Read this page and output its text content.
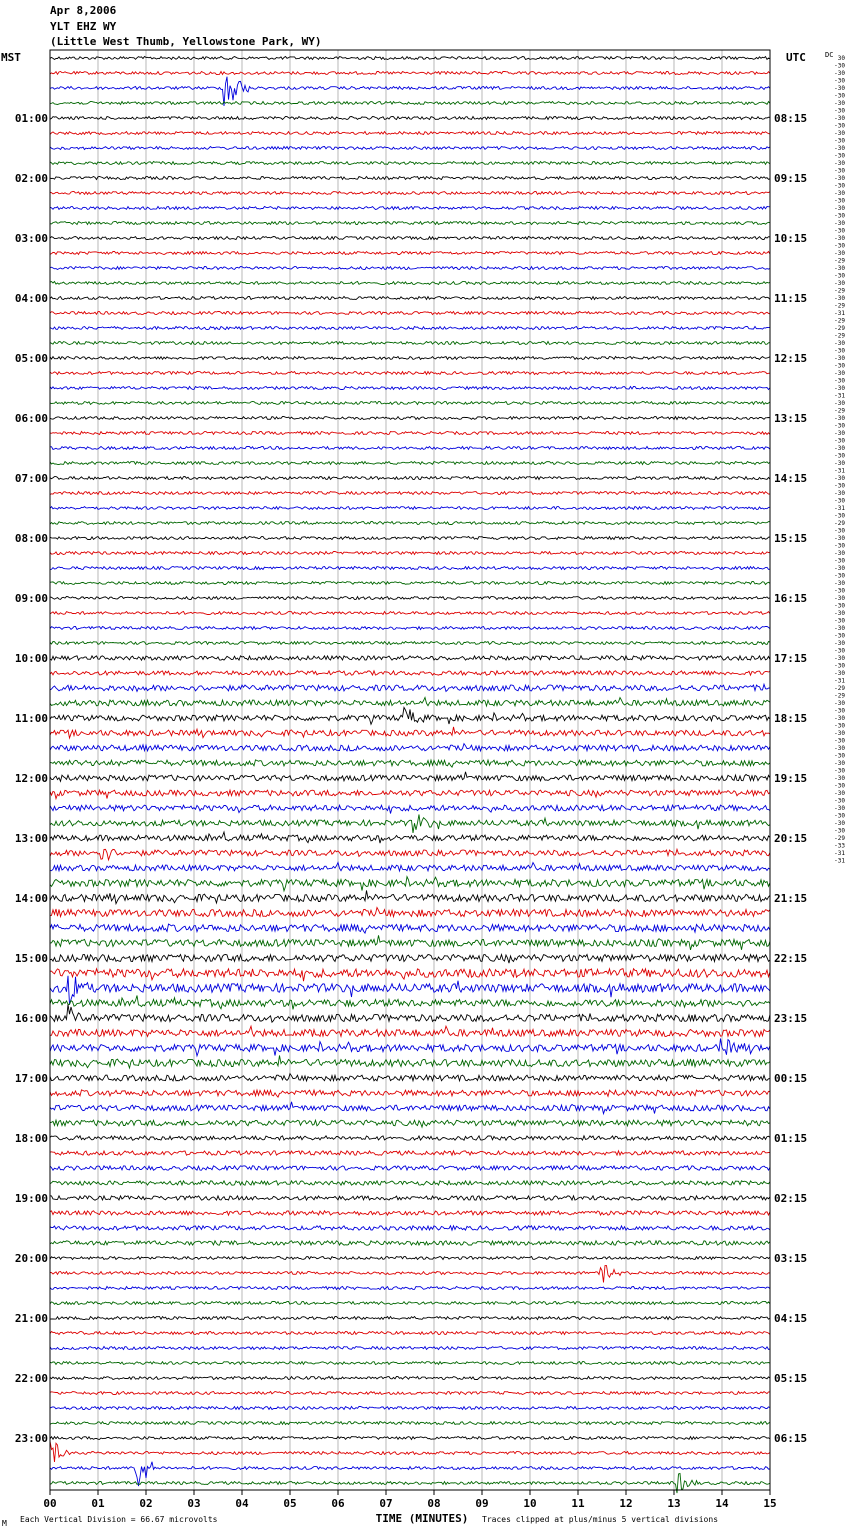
Apr 8,2006
YLT EHZ WY
(Little West Thumb, Yellowstone Park, WY)
MST	UTC
01:00
02:00
03:00
04:00
05:00
06:00
07:00
08:00
09:00
10:00
11:00
12:00
13:00
14:00
15:00
16:00
17:00
18:00
19:00
20:00
21:00
22:00
23:00
08:15
09:15
10:15
11:15
12:15
13:15
14:15
15:15
16:15
17:15
18:15
19:15
20:15
21:15
22:15
23:15
00:15
01:15
02:15
03:15
04:15
05:15
06:15
DC 30
-30
-30
-30
-30
-30
-30
-30
-30
-30
-30
-30
-30
-30
-30
-30
-30
-30
-30
-30
-30
-30
-30
-30
-30
-30
-30
-29
-30
-30
-30
-29
-30
-29
-31
-29
-29
-29
-30
-30
-30
-30
-30
-30
-30
-31
-30
-29
-30
-30
-30
-30
-30
-30
-30
-31
-30
-30
-30
-30
-31
-30
-29
-30
-30
-30
-30
-30
-30
-30
-30
-30
-30
-30
-30
-30
-30
-30
-30
-30
-30
-30
-30
-31
-29
-29
-30
-30
-30
-30
-30
-30
-30
-30
-30
-30
-30
-30
-30
-30
-30
-30
-30
-30
-29
-33
-31
-31
00	01	02	03	04	05	06	07	08	09	10	11	12	13	14	15
TIME (MINUTES)
M Each Vertical Division = 66.67 microvolts	Traces clipped at plus/minus 5 vertical divisions
